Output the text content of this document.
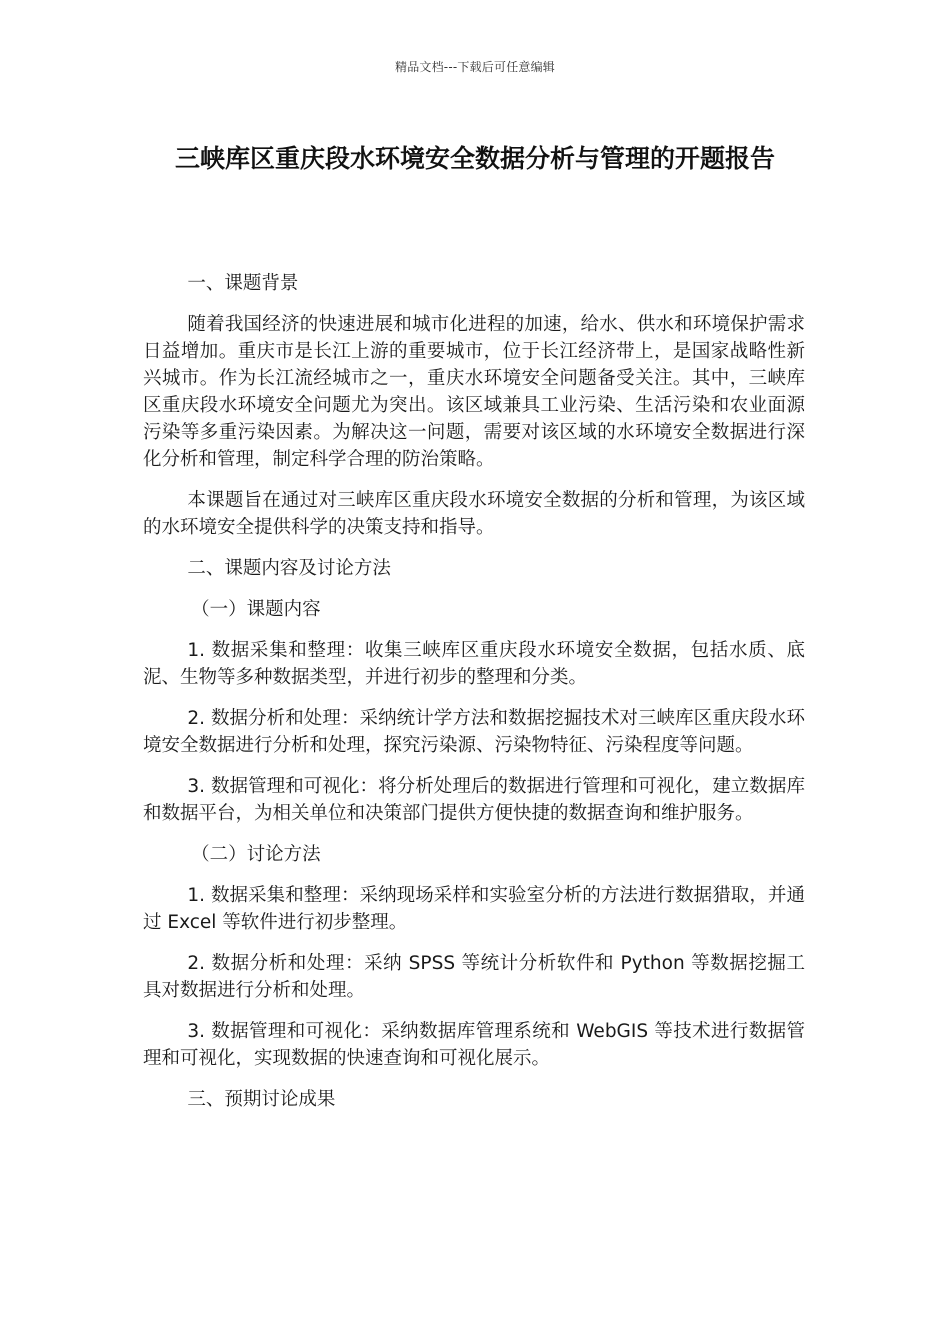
精品文档---下载后可任意编辑
三峡库区重庆段水环境安全数据分析与管理的开题报告

一、课题背景

随着我国经济的快速进展和城市化进程的加速，给水、供水和环境保护需求日益增加。重庆市是长江上游的重要城市，位于长江经济带上，是国家战略性新兴城市。作为长江流经城市之一，重庆水环境安全问题备受关注。其中，三峡库区重庆段水环境安全问题尤为突出。该区域兼具工业污染、生活污染和农业面源污染等多重污染因素。为解决这一问题，需要对该区域的水环境安全数据进行深化分析和管理，制定科学合理的防治策略。

本课题旨在通过对三峡库区重庆段水环境安全数据的分析和管理，为该区域的水环境安全提供科学的决策支持和指导。

二、课题内容及讨论方法

（一）课题内容

1. 数据采集和整理：收集三峡库区重庆段水环境安全数据，包括水质、底泥、生物等多种数据类型，并进行初步的整理和分类。

2. 数据分析和处理：采纳统计学方法和数据挖掘技术对三峡库区重庆段水环境安全数据进行分析和处理，探究污染源、污染物特征、污染程度等问题。

3. 数据管理和可视化：将分析处理后的数据进行管理和可视化，建立数据库和数据平台，为相关单位和决策部门提供方便快捷的数据查询和维护服务。

（二）讨论方法

1. 数据采集和整理：采纳现场采样和实验室分析的方法进行数据猎取，并通过 Excel 等软件进行初步整理。

2. 数据分析和处理：采纳 SPSS 等统计分析软件和 Python 等数据挖掘工具对数据进行分析和处理。

3. 数据管理和可视化：采纳数据库管理系统和 WebGIS 等技术进行数据管理和可视化，实现数据的快速查询和可视化展示。

三、预期讨论成果
